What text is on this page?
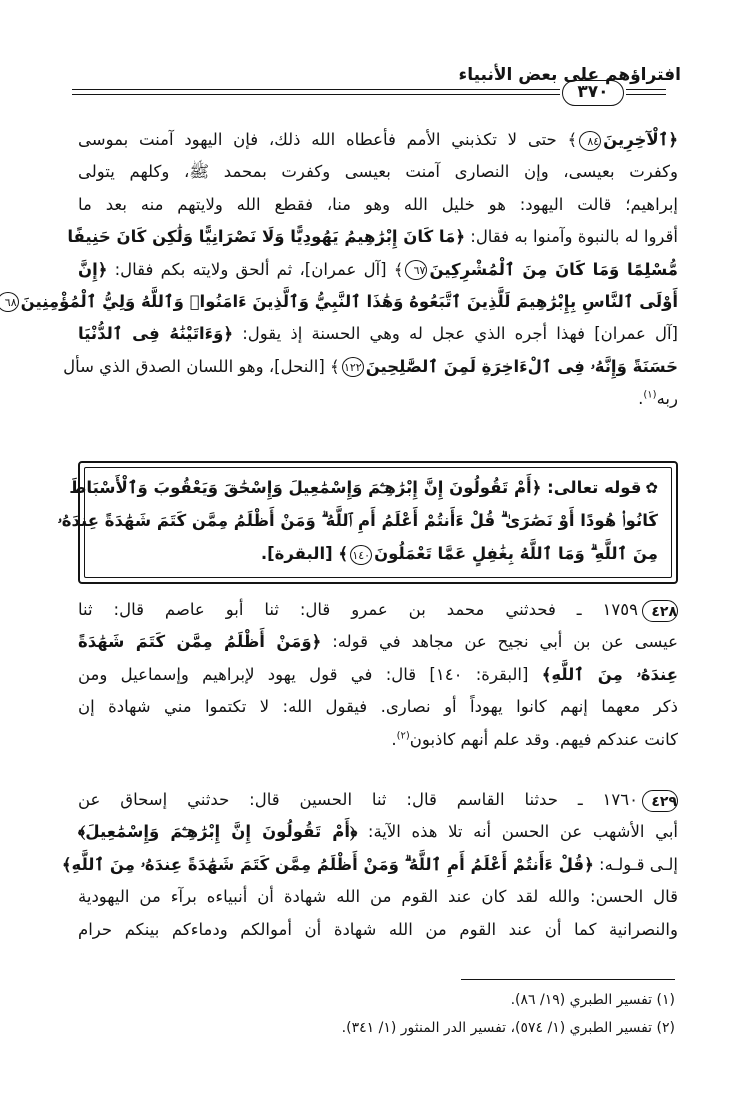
افتراؤهم على بعض الأنبياء
٣٧٠
﴿ٱلْآخِرِينَ٨٤﴾ حتى لا تكذبني الأمم فأعطاه الله ذلك، فإن اليهود آمنت بموسى
وكفرت بعيسى، وإن النصارى آمنت بعيسى وكفرت بمحمد ﷺ، وكلهم يتولى
إبراهيم؛ قالت اليهود: هو خليل الله وهو منا، فقطع الله ولايتهم منه بعد ما
أقروا له بالنبوة وآمنوا به فقال: ﴿مَا كَانَ إِبْرَٰهِيمُ يَهُودِيًّا وَلَا نَصْرَانِيًّا وَلَٰكِن كَانَ حَنِيفًا
مُّسْلِمًا وَمَا كَانَ مِنَ ٱلْمُشْرِكِينَ٦٧﴾ [آل عمران]، ثم ألحق ولايته بكم فقال: ﴿إِنَّ
أَوْلَى ٱلنَّاسِ بِإِبْرَٰهِيمَ لَلَّذِينَ ٱتَّبَعُوهُ وَهَٰذَا ٱلنَّبِيُّ وَٱلَّذِينَ ءَامَنُوا۟ وَٱللَّهُ وَلِيُّ ٱلْمُؤْمِنِينَ٦٨
[آل عمران] فهذا أجره الذي عجل له وهي الحسنة إذ يقول: ﴿وَءَاتَيْنَٰهُ فِى ٱلدُّنْيَا
حَسَنَةً وَإِنَّهُۥ فِى ٱلْءَاخِرَةِ لَمِنَ ٱلصَّٰلِحِينَ١٢٢﴾ [النحل]، وهو اللسان الصدق الذي سأل
ربه$^{(١)}$.
✿قوله تعالى: ﴿أَمْ تَقُولُونَ إِنَّ إِبْرَٰهِـۧمَ وَإِسْمَٰعِيلَ وَإِسْحَٰقَ وَيَعْقُوبَ وَٱلْأَسْبَاطَ
كَانُوا۟ هُودًا أَوْ نَصَٰرَىٰ ۗ قُلْ ءَأَنتُمْ أَعْلَمُ أَمِ ٱللَّهُ ۗ وَمَنْ أَظْلَمُ مِمَّن كَتَمَ شَهَٰدَةً عِندَهُۥ
مِنَ ٱللَّهِ ۗ وَمَا ٱللَّهُ بِغَٰفِلٍ عَمَّا تَعْمَلُونَ١٤٠﴾ [البقرة].
٤٢٨١٧٥٩ ـ فحدثني محمد بن عمرو قال: ثنا أبو عاصم قال: ثنا
عيسى عن بن أبي نجيح عن مجاهد في قوله: ﴿وَمَنْ أَظْلَمُ مِمَّن كَتَمَ شَهَٰدَةً
عِندَهُۥ مِنَ ٱللَّهِ﴾ [البقرة: ١٤٠] قال: في قول يهود لإبراهيم وإسماعيل ومن
ذكر معهما إنهم كانوا يهوداً أو نصارى. فيقول الله: لا تكتموا مني شهادة إن
كانت عندكم فيهم. وقد علم أنهم كاذبون$^{(٢)}$.
٤٢٩١٧٦٠ ـ حدثنا القاسم قال: ثنا الحسين قال: حدثني إسحاق عن
أبي الأشهب عن الحسن أنه تلا هذه الآية: ﴿أَمْ تَقُولُونَ إِنَّ إِبْرَٰهِـۧمَ وَإِسْمَٰعِيلَ﴾
إلـى قـولـه: ﴿قُلْ ءَأَنتُمْ أَعْلَمُ أَمِ ٱللَّهُ ۗ وَمَنْ أَظْلَمُ مِمَّن كَتَمَ شَهَٰدَةً عِندَهُۥ مِنَ ٱللَّهِ﴾
قال الحسن: والله لقد كان عند القوم من الله شهادة أن أنبياءه برآء من اليهودية
والنصرانية كما أن عند القوم من الله شهادة أن أموالكم ودماءكم بينكم حرام
(١) تفسير الطبري (١٩/ ٨٦).
(٢) تفسير الطبري (١/ ٥٧٤)، تفسير الدر المنثور (١/ ٣٤١).
